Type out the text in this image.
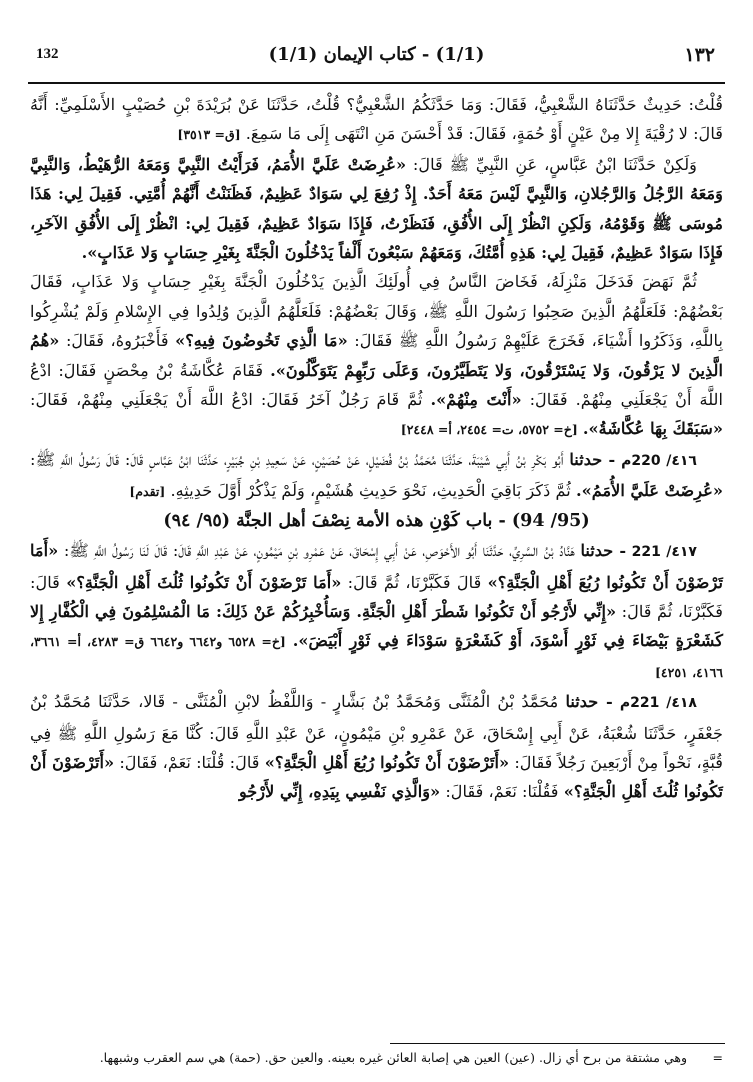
132	(1/1) - كتاب الإيمان (1/1)	١٣٢

قُلْتُ: حَدِيثٌ حَدَّثَنَاهُ الشَّعْبِيُّ، فَقَالَ: وَمَا حَدَّثَكُمُ الشَّعْبِيُّ؟ قُلْتُ، حَدَّثَنَا عَنْ بُرَيْدَةَ بْنِ حُصَيْبٍ الأَسْلَمِيِّ: أَنَّهُ قَالَ: لا رُقْيَةَ إِلا مِنْ عَيْنٍ أَوْ حُمَةٍ، فَقَالَ: قَدْ أَحْسَنَ مَنِ انْتَهَى إِلَى مَا سَمِعَ. [ق= ٣٥١٣]

وَلَكِنْ حَدَّثَنَا ابْنُ عَبَّاسٍ، عَنِ النَّبِيِّ ﷺ قَالَ: «عُرِضَتْ عَلَيَّ الأُمَمُ، فَرَأَيْتُ النَّبِيَّ وَمَعَهُ الرُّهَيْطُ، وَالنَّبِيَّ وَمَعَهُ الرَّجُلُ وَالرَّجُلانِ، وَالنَّبِيَّ لَيْسَ مَعَهُ أَحَدٌ. إِذْ رُفِعَ لِي سَوَادٌ عَظِيمٌ، فَظَنَنْتُ أَنَّهُمْ أُمَّتِي. فَقِيلَ لِي: هَذَا مُوسَى ﷺ وَقَوْمُهُ، وَلَكِنِ انْظُرْ إِلَى الأُفُقِ، فَنَظَرْتُ، فَإِذَا سَوَادٌ عَظِيمٌ، فَقِيلَ لِي: انْظُرْ إِلَى الأُفُقِ الآخَرِ، فَإِذَا سَوَادٌ عَظِيمٌ، فَقِيلَ لِي: هَذِهِ أُمَّتُكَ، وَمَعَهُمْ سَبْعُونَ أَلْفاً يَدْخُلُونَ الْجَنَّةَ بِغَيْرِ حِسَابٍ وَلا عَذَابٍ».

ثُمَّ نَهَضَ فَدَخَلَ مَنْزِلَهُ، فَخَاضَ النَّاسُ فِي أُولَئِكَ الَّذِينَ يَدْخُلُونَ الْجَنَّةَ بِغَيْرِ حِسَابٍ وَلا عَذَابٍ، فَقَالَ بَعْضُهُمْ: فَلَعَلَّهُمُ الَّذِينَ صَحِبُوا رَسُولَ اللَّهِ ﷺ، وَقَالَ بَعْضُهُمْ: فَلَعَلَّهُمُ الَّذِينَ وُلِدُوا فِي الإِسْلامِ وَلَمْ يُشْرِكُوا بِاللَّهِ، وَذَكَرُوا أَشْيَاءَ، فَخَرَجَ عَلَيْهِمْ رَسُولُ اللَّهِ ﷺ فَقَالَ: «مَا الَّذِي تَخُوضُونَ فِيهِ؟» فَأَخْبَرُوهُ، فَقَالَ: «هُمُ الَّذِينَ لا يَرْقُونَ، وَلا يَسْتَرْقُونَ، وَلا يَتَطَيَّرُونَ، وَعَلَى رَبِّهِمْ يَتَوَكَّلُونَ». فَقَامَ عُكَّاشَةُ بْنُ مِحْصَنٍ فَقَالَ: ادْعُ اللَّهَ أَنْ يَجْعَلَنِي مِنْهُمْ. فَقَالَ: «أَنْتَ مِنْهُمْ». ثُمَّ قَامَ رَجُلٌ آخَرُ فَقَالَ: ادْعُ اللَّهَ أَنْ يَجْعَلَنِي مِنْهُمْ، فَقَالَ: «سَبَقَكَ بِهَا عُكَّاشَةُ». [خ= ٥٧٥٢، ت= ٢٤٥٤، أ= ٢٤٤٨]

٤١٦/ 220م - حدثنا أَبُو بَكْرِ بْنُ أَبِي شَيْبَةَ، حَدَّثَنَا مُحَمَّدُ بْنُ فُضَيْلٍ، عَنْ حُصَيْنٍ، عَنْ سَعِيدِ بْنِ جُبَيْرٍ، حَدَّثَنَا ابْنُ عَبَّاسٍ قَالَ: قَالَ رَسُولُ اللَّهِ ﷺ: «عُرِضَتْ عَلَيَّ الأُمَمُ». ثُمَّ ذَكَرَ بَاقِيَ الْحَدِيثِ، نَحْوَ حَدِيثِ هُشَيْمٍ، وَلَمْ يَذْكُرْ أَوَّلَ حَدِيثِهِ. [تقدم]

(95/ 94) - باب كَوْنِ هذه الأمة نِصْفَ أهل الجنَّة (٩٥/ ٩٤)

٤١٧/ 221 - حدثنا هَنَّادُ بْنُ السَّرِيِّ، حَدَّثَنَا أَبُو الأَحْوَصِ، عَنْ أَبِي إِسْحَاقَ، عَنْ عَمْرِو بْنِ مَيْمُونٍ، عَنْ عَبْدِ اللَّهِ قَالَ: قَالَ لَنَا رَسُولُ اللَّهِ ﷺ: «أَمَا تَرْضَوْنَ أَنْ تَكُونُوا رُبُعَ أَهْلِ الْجَنَّةِ؟» قَالَ فَكَبَّرْنَا، ثُمَّ قَالَ: «أَمَا تَرْضَوْنَ أَنْ تَكُونُوا ثُلُثَ أَهْلِ الْجَنَّةِ؟» قَالَ: فَكَبَّرْنَا، ثُمَّ قَالَ: «إِنِّي لأَرْجُو أَنْ تَكُونُوا شَطْرَ أَهْلِ الْجَنَّةِ. وَسَأُخْبِرُكُمْ عَنْ ذَلِكَ: مَا الْمُسْلِمُونَ فِي الْكُفَّارِ إِلا كَشَعْرَةٍ بَيْضَاءَ فِي ثَوْرٍ أَسْوَدَ، أَوْ كَشَعْرَةٍ سَوْدَاءَ فِي ثَوْرٍ أَبْيَضَ». [خ= ٦٥٢٨ و٦٦٤٢ و٦٦٤٢ ق= ٤٢٨٣، أ= ٣٦٦١، ٤١٦٦، ٤٢٥١]

٤١٨/ 221م - حدثنا مُحَمَّدُ بْنُ الْمُثَنَّى وَمُحَمَّدُ بْنُ بَشَّارٍ - وَاللَّفْظُ لابْنِ الْمُثَنَّى - قَالا، حَدَّثَنَا مُحَمَّدُ بْنُ جَعْفَرٍ، حَدَّثَنَا شُعْبَةُ، عَنْ أَبِي إِسْحَاقَ، عَنْ عَمْرِو بْنِ مَيْمُونٍ، عَنْ عَبْدِ اللَّهِ قَالَ: كُنَّا مَعَ رَسُولِ اللَّهِ ﷺ فِي قُبَّةٍ، نَحْواً مِنْ أَرْبَعِينَ رَجُلاً فَقَالَ: «أَتَرْضَوْنَ أَنْ تَكُونُوا رُبُعَ أَهْلِ الْجَنَّةِ؟» قَالَ: قُلْنَا: نَعَمْ، فَقَالَ: «أَتَرْضَوْنَ أَنْ تَكُونُوا ثُلُثَ أَهْلِ الْجَنَّةِ؟» فَقُلْنَا: نَعَمْ، فَقَالَ: «وَالَّذِي نَفْسِي بِيَدِهِ، إِنِّي لأَرْجُو

=
وهي مشتقة من برح أي زال. (عين) العين هي إصابة العائن غيره بعينه. والعين حق. (حمة) هي سم العقرب وشبهها.
